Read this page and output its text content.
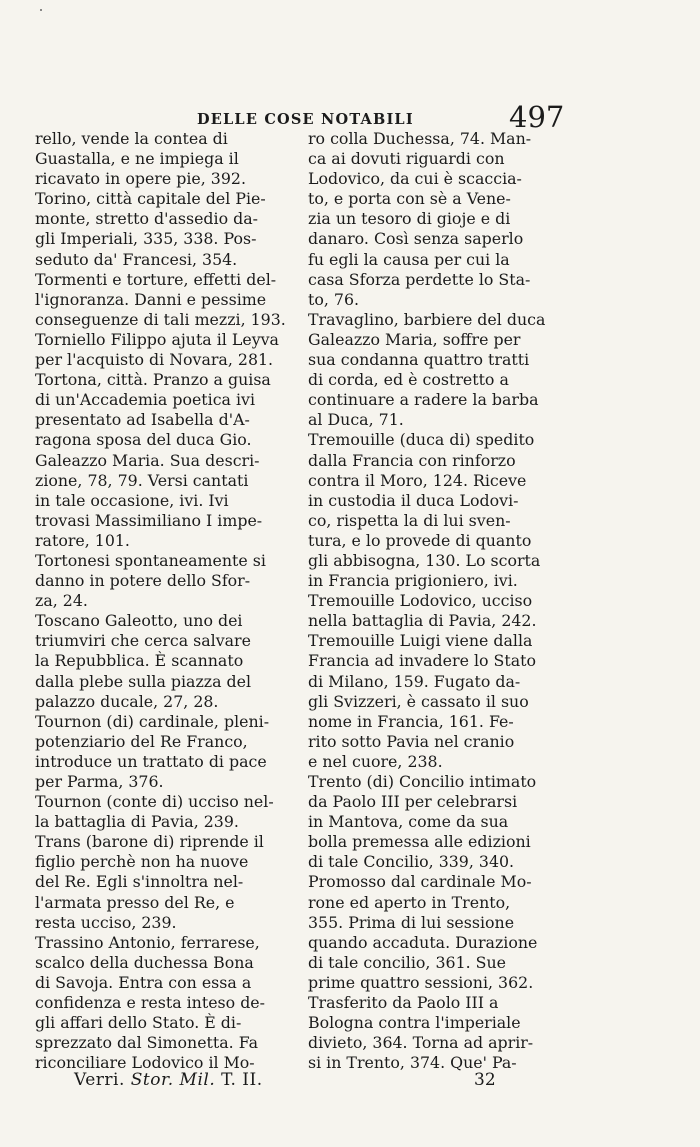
DELLE COSE NOTABILI	497
rello, vende la contea di
Guastalla, e ne impiega il
ricavato in opere pie, 392.
Torino, città capitale del Pie-
monte, stretto d'assedio da-
gli Imperiali, 335, 338. Pos-
seduto da' Francesi, 354.
Tormenti e torture, effetti del-
l'ignoranza. Danni e pessime
conseguenze di tali mezzi, 193.
Torniello Filippo ajuta il Leyva
per l'acquisto di Novara, 281.
Tortona, città. Pranzo a guisa
di un'Accademia poetica ivi
presentato ad Isabella d'A-
ragona sposa del duca Gio.
Galeazzo Maria. Sua descri-
zione, 78, 79. Versi cantati
in tale occasione, ivi. Ivi
trovasi Massimiliano I impe-
ratore, 101.
Tortonesi spontaneamente si
danno in potere dello Sfor-
za, 24.
Toscano Galeotto, uno dei
triumviri che cerca salvare
la Repubblica. È scannato
dalla plebe sulla piazza del
palazzo ducale, 27, 28.
Tournon (di) cardinale, pleni-
potenziario del Re Franco,
introduce un trattato di pace
per Parma, 376.
Tournon (conte di) ucciso nel-
la battaglia di Pavia, 239.
Trans (barone di) riprende il
figlio perchè non ha nuove
del Re. Egli s'innoltra nel-
l'armata presso del Re, e
resta ucciso, 239.
Trassino Antonio, ferrarese,
scalco della duchessa Bona
di Savoja. Entra con essa a
confidenza e resta inteso de-
gli affari dello Stato. È di-
sprezzato dal Simonetta. Fa
riconciliare Lodovico il Mo-
ro colla Duchessa, 74. Man-
ca ai dovuti riguardi con
Lodovico, da cui è scaccia-
to, e porta con sè a Vene-
zia un tesoro di gioje e di
danaro. Così senza saperlo
fu egli la causa per cui la
casa Sforza perdette lo Sta-
to, 76.
Travaglino, barbiere del duca
Galeazzo Maria, soffre per
sua condanna quattro tratti
di corda, ed è costretto a
continuare a radere la barba
al Duca, 71.
Tremouille (duca di) spedito
dalla Francia con rinforzo
contra il Moro, 124. Riceve
in custodia il duca Lodovi-
co, rispetta la di lui sven-
tura, e lo provede di quanto
gli abbisogna, 130. Lo scorta
in Francia prigioniero, ivi.
Tremouille Lodovico, ucciso
nella battaglia di Pavia, 242.
Tremouille Luigi viene dalla
Francia ad invadere lo Stato
di Milano, 159. Fugato da-
gli Svizzeri, è cassato il suo
nome in Francia, 161. Fe-
rito sotto Pavia nel cranio
e nel cuore, 238.
Trento (di) Concilio intimato
da Paolo III per celebrarsi
in Mantova, come da sua
bolla premessa alle edizioni
di tale Concilio, 339, 340.
Promosso dal cardinale Mo-
rone ed aperto in Trento,
355. Prima di lui sessione
quando accaduta. Durazione
di tale concilio, 361. Sue
prime quattro sessioni, 362.
Trasferito da Paolo III a
Bologna contra l'imperiale
divieto, 364. Torna ad aprir-
si in Trento, 374. Que' Pa-
Verri. Stor. Mil. T. II.	32
